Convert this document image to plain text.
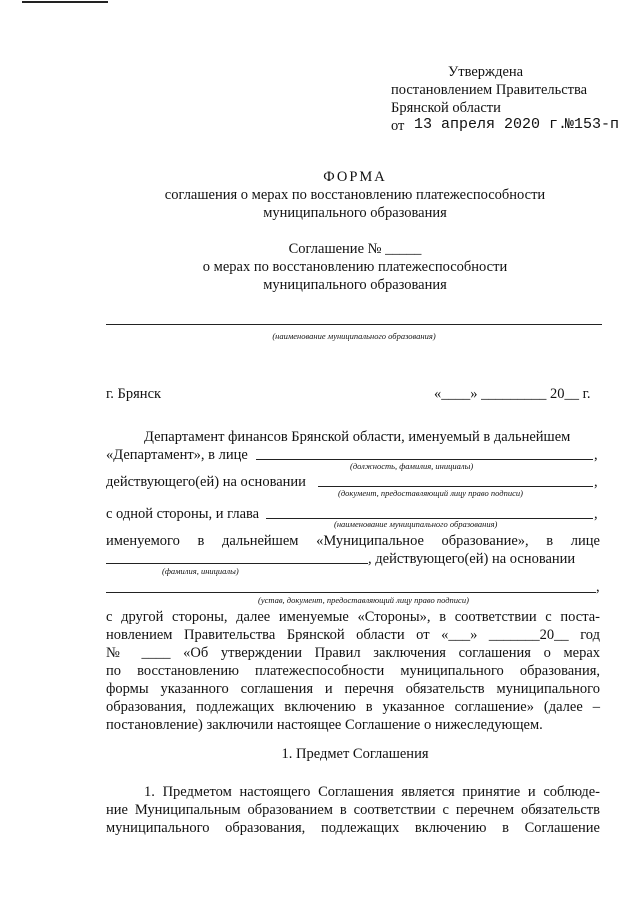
Утверждена
постановлением Правительства
Брянской области
от 13 апреля 2020 г.
№153-п
ФОРМА
соглашения о мерах по восстановлению платежеспособности
муниципального образования
Соглашение № _____
о мерах по восстановлению платежеспособности
муниципального образования
(наименование муниципального образования)
г. Брянск	«____» _________ 20__ г.
Департамент финансов Брянской области, именуемый в дальнейшем
«Департамент», в лице	,
(должность, фамилия, инициалы)
действующего(ей) на основании	,
(документ, предоставляющий лицу право подписи)
с одной стороны, и глава	,
(наименование муниципального образования)
именуемого в дальнейшем «Муниципальное образование», в лице
, действующего(ей) на основании
(фамилия, инициалы)
,
(устав, документ, предоставляющий лицу право подписи)
с другой стороны, далее именуемые «Стороны», в соответствии с поста-
новлением Правительства Брянской области от «___» _______20__ год
№ ____ «Об утверждении Правил заключения соглашения о мерах
по восстановлению платежеспособности муниципального образования,
формы указанного соглашения и перечня обязательств муниципального
образования, подлежащих включению в указанное соглашение» (далее –
постановление) заключили настоящее Соглашение о нижеследующем.
1. Предмет Соглашения
1. Предметом настоящего Соглашения является принятие и соблюде-
ние Муниципальным образованием в соответствии с перечнем обязательств
муниципального образования, подлежащих включению в Соглашение
